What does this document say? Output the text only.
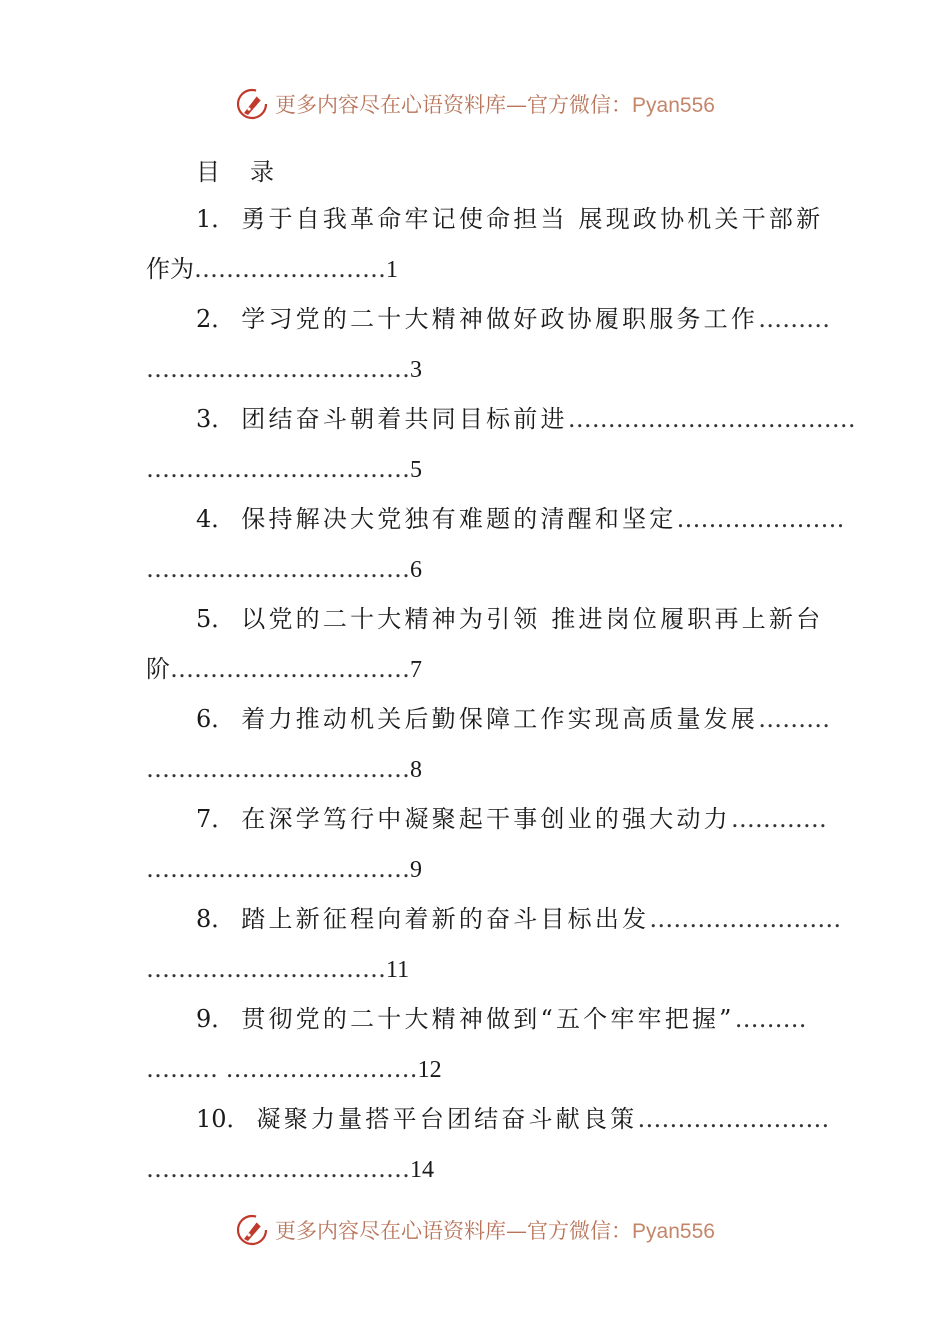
更多内容尽在心语资料库—官方微信：Pyan556
目 录
1． 勇于自我革命牢记使命担当 展现政协机关干部新
作为……………………1
2． 学习党的二十大精神做好政协履职服务工作………
……………………………3
3． 团结奋斗朝着共同目标前进………………………………
……………………………5
4． 保持解决大党独有难题的清醒和坚定…………………
……………………………6
5． 以党的二十大精神为引领 推进岗位履职再上新台
阶…………………………7
6． 着力推动机关后勤保障工作实现高质量发展………
……………………………8
7． 在深学笃行中凝聚起干事创业的强大动力…………
……………………………9
8． 踏上新征程向着新的奋斗目标出发……………………
…………………………11
9． 贯彻党的二十大精神做到“五个牢牢把握”………
……… ……………………12
10． 凝聚力量搭平台团结奋斗献良策……………………
……………………………14
更多内容尽在心语资料库—官方微信：Pyan556
